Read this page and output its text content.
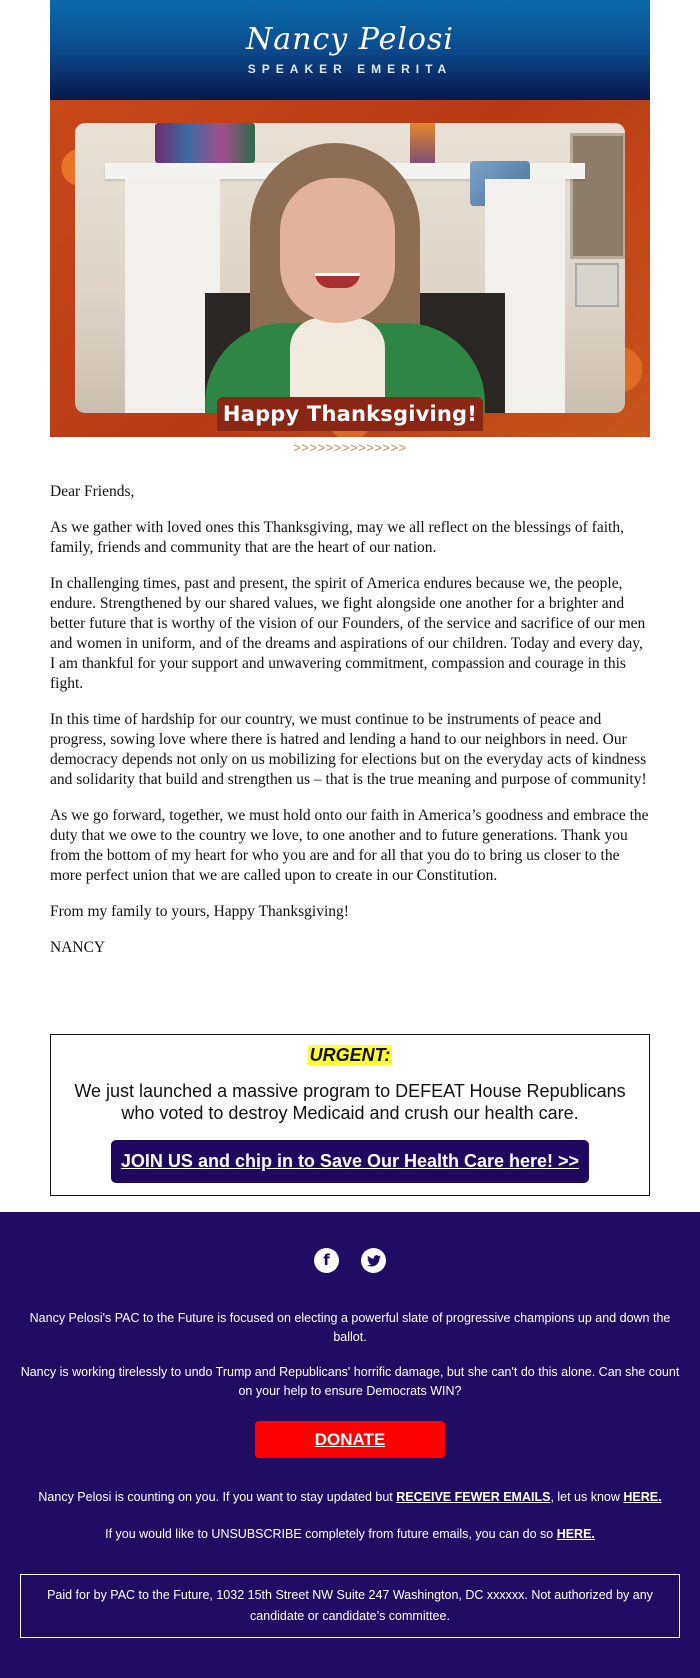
Nancy Pelosi
SPEAKER EMERITA
Happy Thanksgiving!
>>>>>>>>>>>>>>

Dear Friends,

As we gather with loved ones this Thanksgiving, may we all reflect on the blessings of faith, family, friends and community that are the heart of our nation.

In challenging times, past and present, the spirit of America endures because we, the people, endure. Strengthened by our shared values, we fight alongside one another for a brighter and better future that is worthy of the vision of our Founders, of the service and sacrifice of our men and women in uniform, and of the dreams and aspirations of our children. Today and every day, I am thankful for your support and unwavering commitment, compassion and courage in this fight.

In this time of hardship for our country, we must continue to be instruments of peace and progress, sowing love where there is hatred and lending a hand to our neighbors in need. Our democracy depends not only on us mobilizing for elections but on the everyday acts of kindness and solidarity that build and strengthen us – that is the true meaning and purpose of community!

As we go forward, together, we must hold onto our faith in America’s goodness and embrace the duty that we owe to the country we love, to one another and to future generations. Thank you from the bottom of my heart for who you are and for all that you do to bring us closer to the more perfect union that we are called upon to create in our Constitution.

From my family to yours, Happy Thanksgiving!

NANCY

URGENT:
We just launched a massive program to DEFEAT House Republicans who voted to destroy Medicaid and crush our health care.
JOIN US and chip in to Save Our Health Care here! >>
f

Nancy Pelosi's PAC to the Future is focused on electing a powerful slate of progressive champions up and down the ballot.

Nancy is working tirelessly to undo Trump and Republicans' horrific damage, but she can't do this alone. Can she count on your help to ensure Democrats WIN?

DONATE

Nancy Pelosi is counting on you. If you want to stay updated but RECEIVE FEWER EMAILS, let us know HERE.

If you would like to UNSUBSCRIBE completely from future emails, you can do so HERE.

Paid for by PAC to the Future, 1032 15th Street NW Suite 247 Washington, DC xxxxxx. Not authorized by any candidate or candidate’s committee.
